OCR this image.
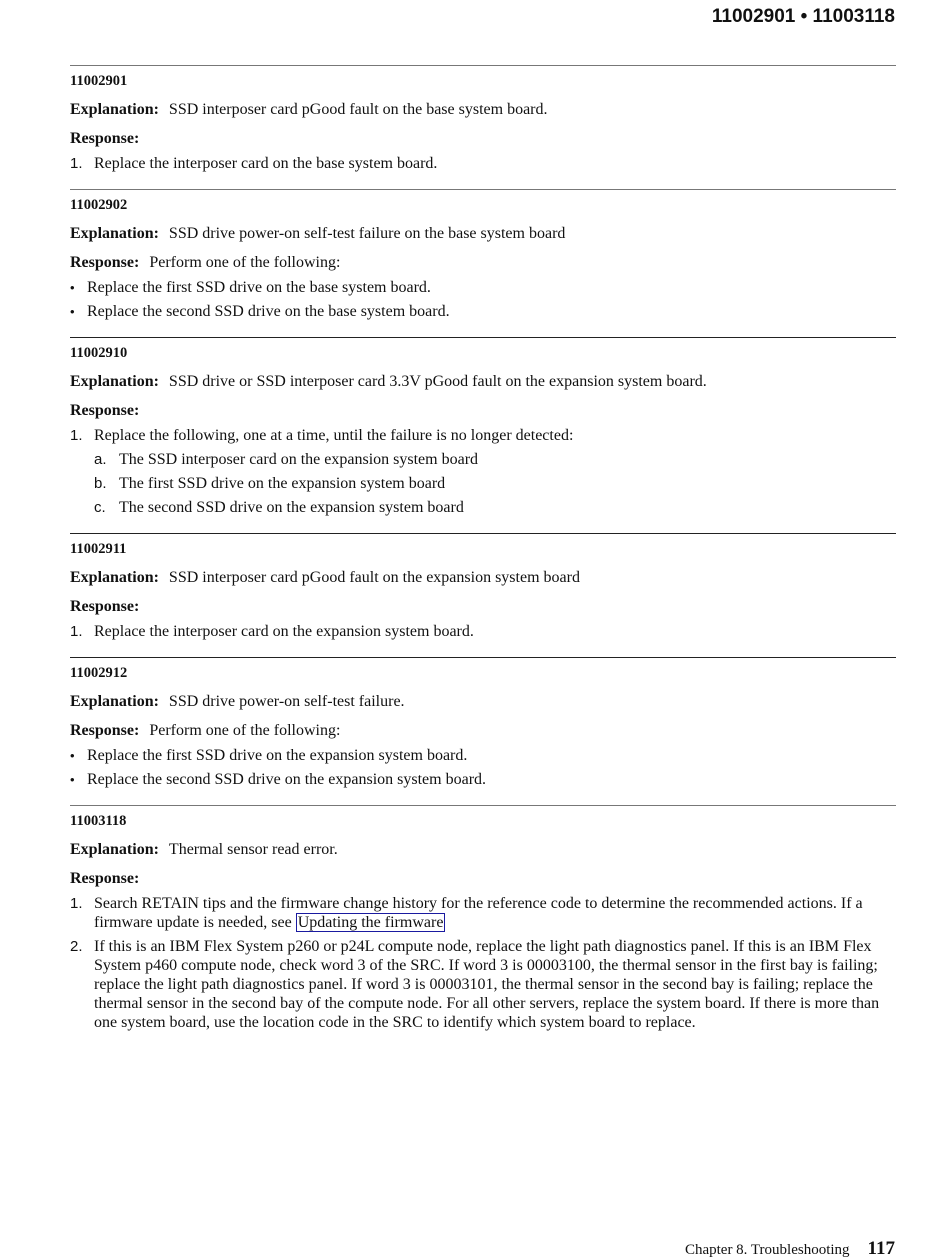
11002901 • 11003118
11002901
Explanation: SSD interposer card pGood fault on the base system board.
Response:
1. Replace the interposer card on the base system board.
11002902
Explanation: SSD drive power-on self-test failure on the base system board
Response: Perform one of the following:
• Replace the first SSD drive on the base system board.
• Replace the second SSD drive on the base system board.
11002910
Explanation: SSD drive or SSD interposer card 3.3V pGood fault on the expansion system board.
Response:
1. Replace the following, one at a time, until the failure is no longer detected:
a. The SSD interposer card on the expansion system board
b. The first SSD drive on the expansion system board
c. The second SSD drive on the expansion system board
11002911
Explanation: SSD interposer card pGood fault on the expansion system board
Response:
1. Replace the interposer card on the expansion system board.
11002912
Explanation: SSD drive power-on self-test failure.
Response: Perform one of the following:
• Replace the first SSD drive on the expansion system board.
• Replace the second SSD drive on the expansion system board.
11003118
Explanation: Thermal sensor read error.
Response:
1. Search RETAIN tips and the firmware change history for the reference code to determine the recommended actions. If a firmware update is needed, see Updating the firmware
2. If this is an IBM Flex System p260 or p24L compute node, replace the light path diagnostics panel. If this is an IBM Flex System p460 compute node, check word 3 of the SRC. If word 3 is 00003100, the thermal sensor in the first bay is failing; replace the light path diagnostics panel. If word 3 is 00003101, the thermal sensor in the second bay is failing; replace the thermal sensor in the second bay of the compute node. For all other servers, replace the system board. If there is more than one system board, use the location code in the SRC to identify which system board to replace.
Chapter 8. Troubleshooting 117
